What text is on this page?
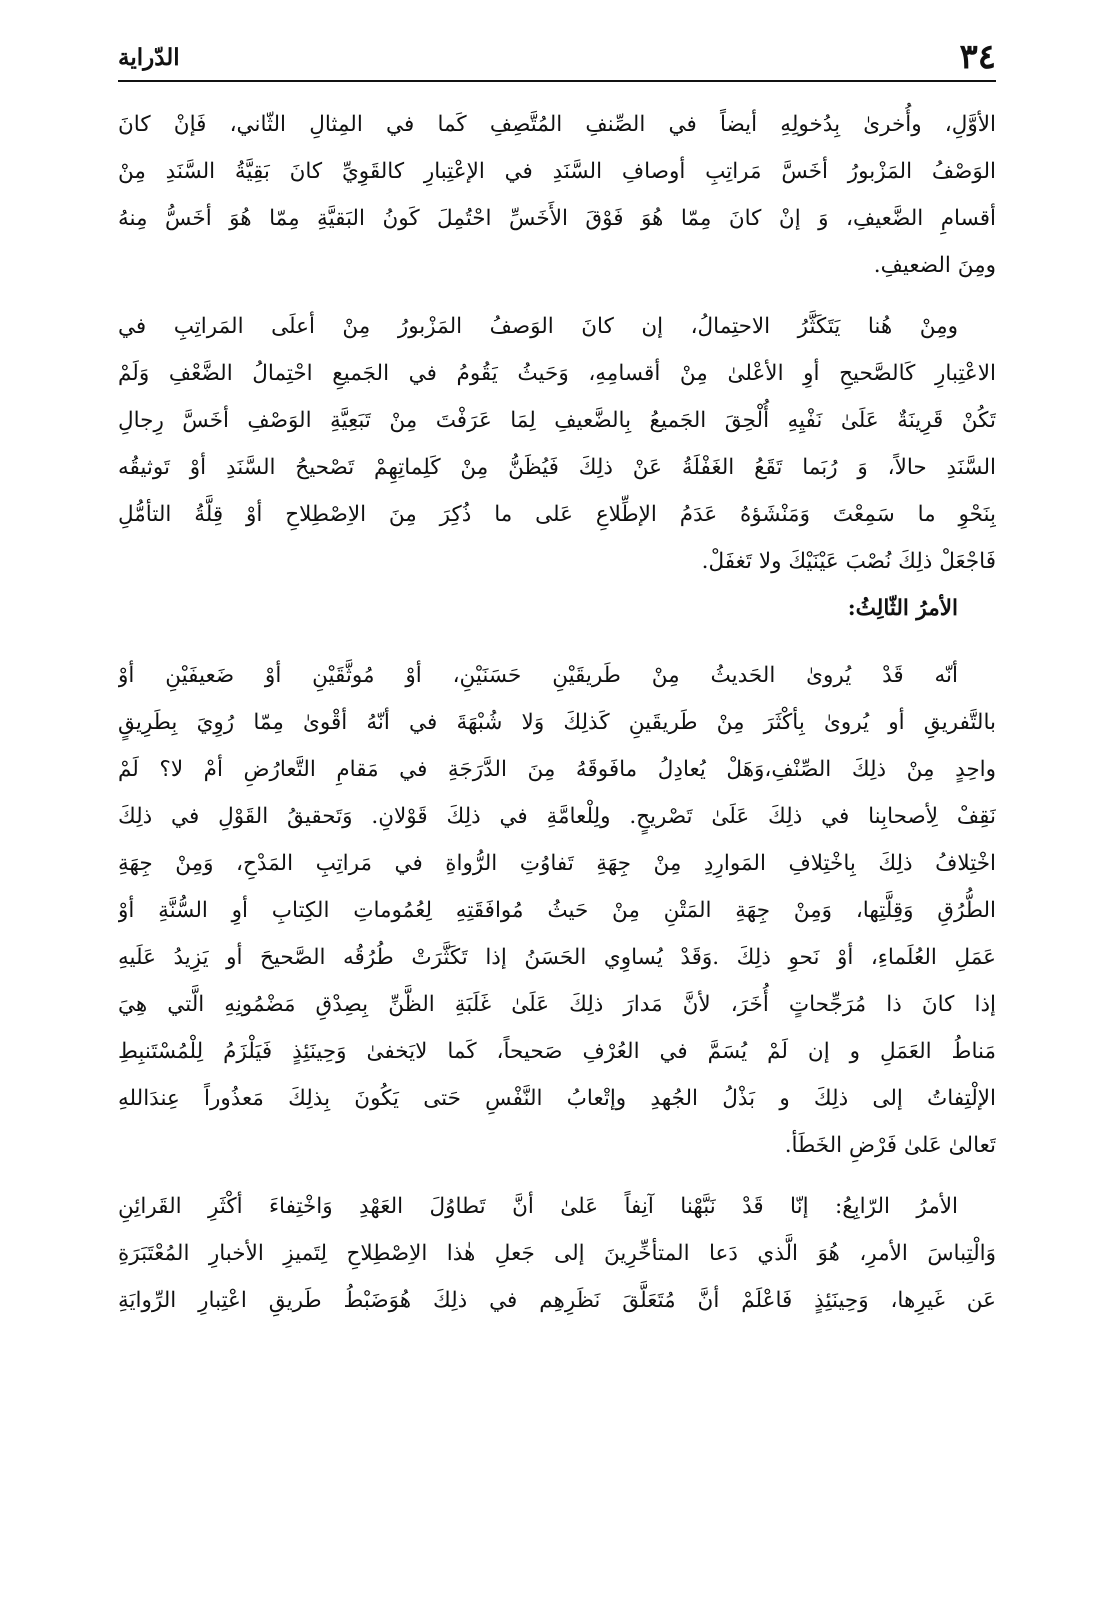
٣٤
الدّراية
الأوَّلِ، وأُخرىٰ بِدُخولِهِ أيضاً في الصِّنفِ المُتَّصِفِ كَما في المِثالِ الثّاني، فَإنْ كانَ
الوَصْفُ المَزْبورُ أخَسَّ مَراتِبِ أوصافِ السَّنَدِ في الإعْتِبارِ كالقَوِيِّ كانَ بَقِيَّةُ السَّنَدِ مِنْ
أقسامِ الضَّعيفِ، وَ إنْ كانَ مِمّا هُوَ فَوْقَ الأَخَسِّ احْتُمِلَ كَونُ البَقيَّةِ مِمّا هُوَ أخَسُّ مِنهُ
ومِنَ الضعيفِ.
ومِنْ هُنا يَتَكَثَّرُ الاحتِمالُ، إن كانَ الوَصفُ المَزْبورُ مِنْ أعلَى المَراتِبِ في
الاعْتِبارِ كَالصَّحيحِ أوِ الأعْلىٰ مِنْ أقسامِهِ، وَحَيثُ يَقُومُ في الجَميعِ احْتِمالُ الضَّعْفِ وَلَمْ
تَكُنْ قَرِينَةٌ عَلَىٰ نَفْيِهِ أُلْحِقَ الجَميعُ بِالضَّعيفِ لِمَا عَرَفْتَ مِنْ تَبَعِيَّةِ الوَصْفِ أخَسَّ رِجالِ
السَّنَدِ حالاً، وَ رُبَما تَقَعُ الغَفْلَةُ عَنْ ذلِكَ فَيُظَنُّ مِنْ كَلِماتِهِمْ تَصْحيحُ السَّنَدِ أوْ تَوثيقُه
بِنَحْوِ ما سَمِعْتَ وَمَنْشَؤهُ عَدَمُ الإطِّلاعِ عَلى ما ذُكِرَ مِنَ الاِصْطِلاحِ أوْ قِلَّةُ التأمُّلِ
فَاجْعَلْ ذلِكَ نُصْبَ عَيْنَيْكَ ولا تَغفَلْ.
الأمرُ الثّالِثُ:
أنّه قَدْ يُروىٰ الحَديثُ مِنْ طَريقَيْنِ حَسَنَيْنِ، أوْ مُوثَّقَيْنِ أوْ ضَعيفَيْنِ أوْ
بالتَّفريقِ أو يُروىٰ بِأكْثَرَ مِنْ طَريقَينِ كَذلِكَ وَلا شُبْهَةَ في أنّهُ أقْوىٰ مِمّا رُوِيَ بِطَرِيقٍ
واحِدٍ مِنْ ذلِكَ الصِّنْفِ،وَهَلْ يُعادِلُ مافَوقَهُ مِنَ الدَّرَجَةِ في مَقامِ التَّعارُضِ أمْ لا؟ لَمْ
نَقِفْ لِأصحابِنا في ذلِكَ عَلَىٰ تَصْريحٍ. ولِلْعامَّةِ في ذلِكَ قَوْلانِ. وَتَحقيقُ القَوْلِ في ذلِكَ
اخْتِلافُ ذلِكَ بِاخْتِلافِ المَوارِدِ مِنْ جِهَةِ تَفاوُتِ الرُّواةِ في مَراتِبِ المَدْحِ، وَمِنْ جِهَةِ
الطُّرُقِ وَقِلَّتِها، وَمِنْ جِهَةِ المَتْنِ مِنْ حَيثُ مُوافَقَتِهِ لِعُمُوماتِ الكِتابِ أوِ السُّنَّةِ أوْ
عَمَلِ العُلَماءِ، أوْ نَحوِ ذلِكَ .وَقَدْ يُساوِي الحَسَنُ إذا تَكَثَّرَتْ طُرُقُه الصَّحيحَ أو يَزِيدُ عَلَيهِ
إذا كانَ ذا مُرَجِّحاتٍ أُخَرَ، لأنَّ مَدارَ ذلِكَ عَلَىٰ غَلَبَةِ الظَّنِّ بِصِدْقِ مَضْمُونِهِ الَّتي هِيَ
مَناطُ العَمَلِ و إن لَمْ يُسَمَّ في العُرْفِ صَحيحاً، كَما لايَخفىٰ وَحِينَئِذٍ فَيَلْزَمُ لِلْمُسْتَنبِطِ
الإلْتِفاتُ إلى ذلِكَ و بَذْلُ الجُهدِ وإتْعابُ النَّفْسِ حَتى يَكُونَ بِذلِكَ مَعذُوراً عِندَاللهِ
تَعالىٰ عَلىٰ فَرْضِ الخَطَأ.
الأمرُ الرّابِعُ: إنّا قَدْ نَبَّهْنا آنِفاً عَلىٰ أنَّ تَطاوُلَ العَهْدِ وَاخْتِفاءَ أكْثَرِ القَرائِنِ
وَالْتِباسَ الأمرِ، هُوَ الَّذي دَعا المتأخِّرِينَ إلى جَعلِ هٰذا الاِصْطِلاحِ لِتَميزِ الأخبارِ المُعْتَبَرَةِ
عَن غَيرِها، وَحِينَئِذٍ فَاعْلَمْ أنَّ مُتَعَلَّقَ نَظَرِهِم في ذلِكَ هُوَضَبْطُ طَريقِ اعْتِبارِ الرِّوايَةِ
